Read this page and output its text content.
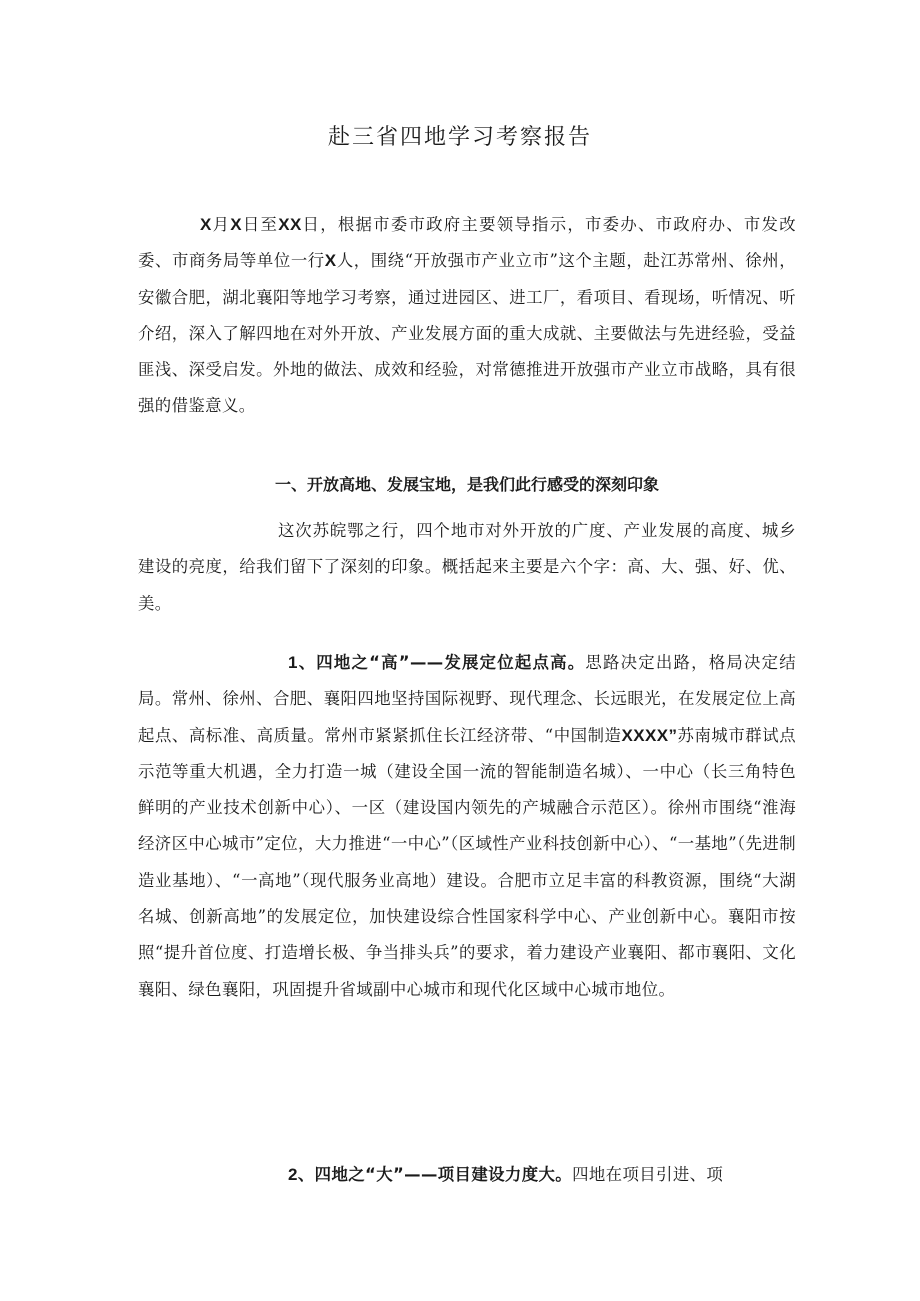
赴三省四地学习考察报告
X月X日至XX日，根据市委市政府主要领导指示，市委办、市政府办、市发改委、市商务局等单位一行X人，围绕“开放强市产业立市”这个主题，赴江苏常州、徐州，安徽合肥，湖北襄阳等地学习考察，通过进园区、进工厂，看项目、看现场，听情况、听介绍，深入了解四地在对外开放、产业发展方面的重大成就、主要做法与先进经验，受益匪浅、深受启发。外地的做法、成效和经验，对常德推进开放强市产业立市战略，具有很强的借鉴意义。
一、开放高地、发展宝地，是我们此行感受的深刻印象
这次苏皖鄂之行，四个地市对外开放的广度、产业发展的高度、城乡建设的亮度，给我们留下了深刻的印象。概括起来主要是六个字：高、大、强、好、优、美。
1、四地之“高”——发展定位起点高。思路决定出路，格局决定结局。常州、徐州、合肥、襄阳四地坚持国际视野、现代理念、长远眼光，在发展定位上高起点、高标准、高质量。常州市紧紧抓住长江经济带、“中国制造XXXX”苏南城市群试点示范等重大机遇，全力打造一城（建设全国一流的智能制造名城）、一中心（长三角特色鲜明的产业技术创新中心）、一区（建设国内领先的产城融合示范区）。徐州市围绕“淮海经济区中心城市”定位，大力推进“一中心”（区域性产业科技创新中心）、“一基地”（先进制造业基地）、“一高地”（现代服务业高地）建设。合肥市立足丰富的科教资源，围绕“大湖名城、创新高地”的发展定位，加快建设综合性国家科学中心、产业创新中心。襄阳市按照“提升首位度、打造增长极、争当排头兵”的要求，着力建设产业襄阳、都市襄阳、文化襄阳、绿色襄阳，巩固提升省域副中心城市和现代化区域中心城市地位。
2、四地之“大”——项目建设力度大。四地在项目引进、项
